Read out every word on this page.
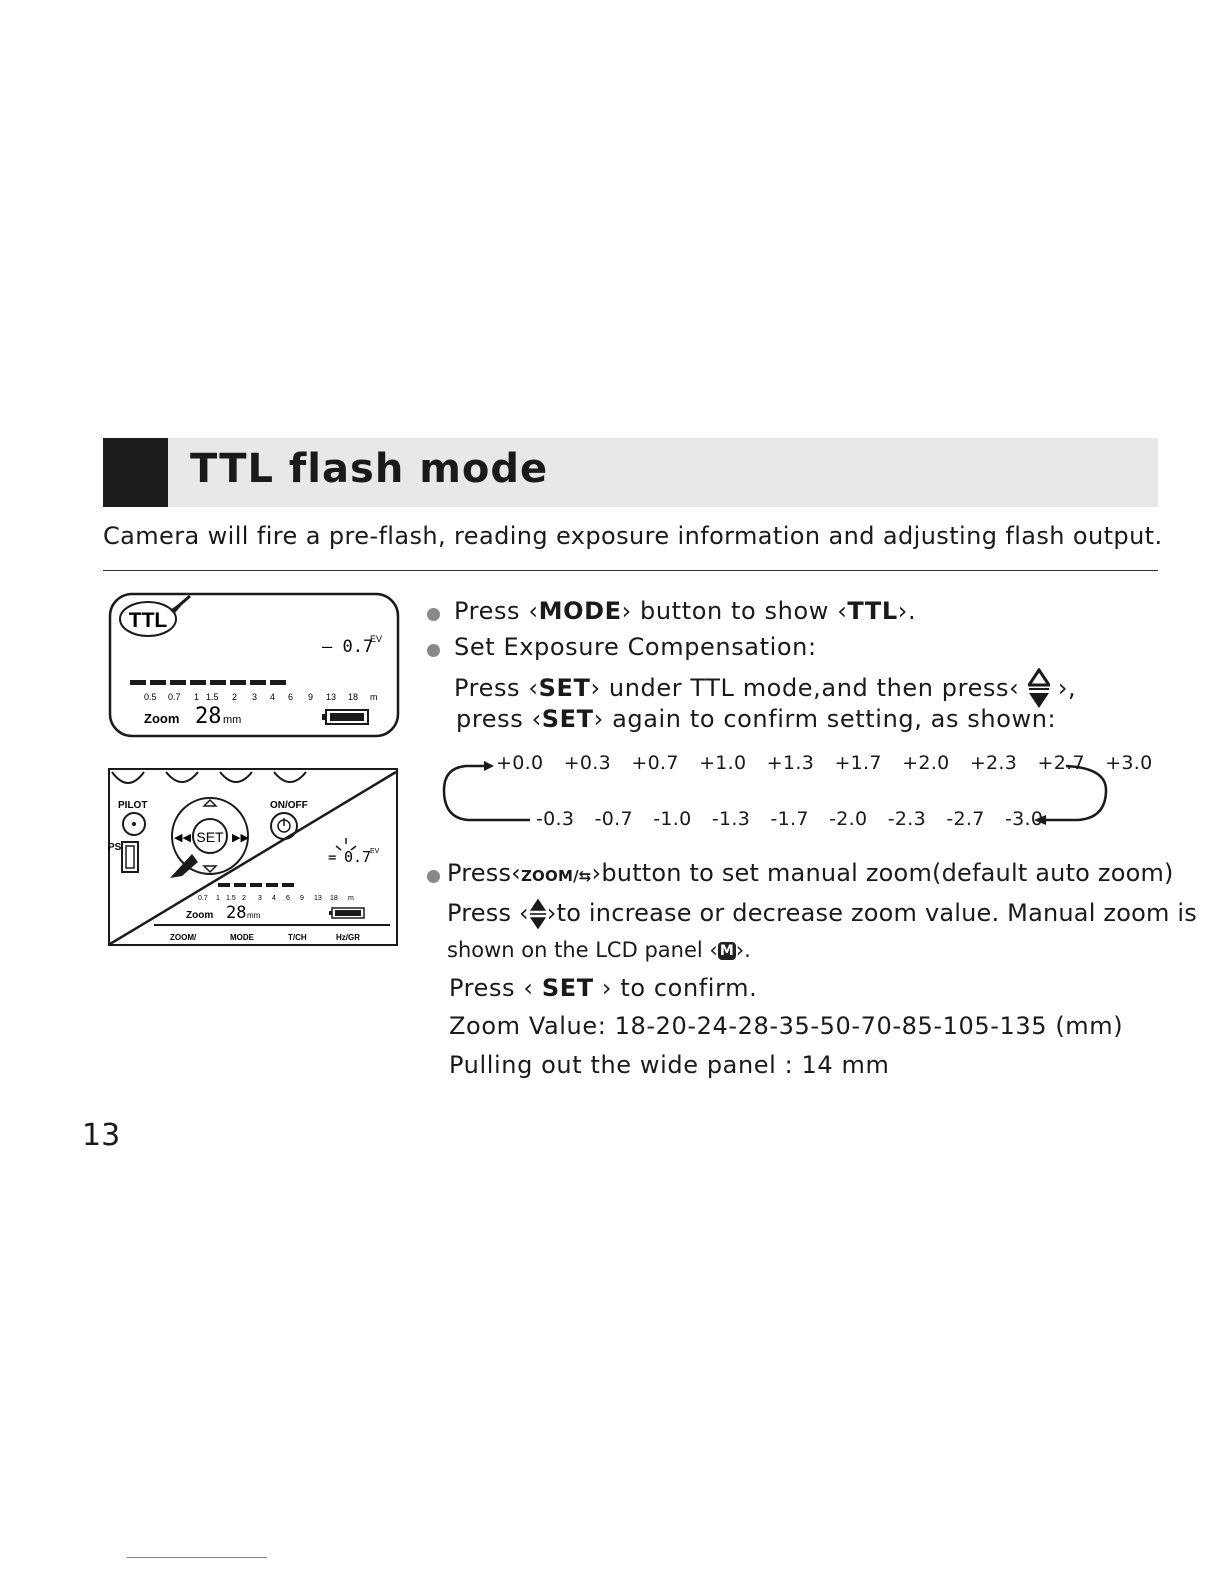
TTL flash mode
Camera will fire a pre-flash, reading exposure information and adjusting flash output.
TTL
— 0.7
EV
0.5 0.7 1 1.5 2 3 4 6 9 13 18 m
Zoom 28 mm
PILOT
PS
SET
◀◀	▶▶
ON/OFF
0.7
EV
=
0.7 1 1.5 2 3 4 6 9 13 18 m
Zoom 28 mm
ZOOM/	MODE	T/CH	Hz/GR
Press ‹MODE› button to show ‹TTL›.
Set Exposure Compensation:
Press ‹SET› under TTL mode,and then press‹ ›,
press ‹SET› again to confirm setting, as shown:
+0.0 +0.3 +0.7 +1.0 +1.3 +1.7 +2.0 +2.3 +2.7 +3.0
-0.3 -0.7 -1.0 -1.3 -1.7 -2.0 -2.3 -2.7 -3.0
Press‹ZOOM/⇆›button to set manual zoom(default auto zoom)
Press ‹ ›to increase or decrease zoom value. Manual zoom is
shown on the LCD panel ‹ M›.
Press ‹ SET › to confirm.
Zoom Value: 18-20-24-28-35-50-70-85-105-135 (mm)
Pulling out the wide panel : 14 mm
13
